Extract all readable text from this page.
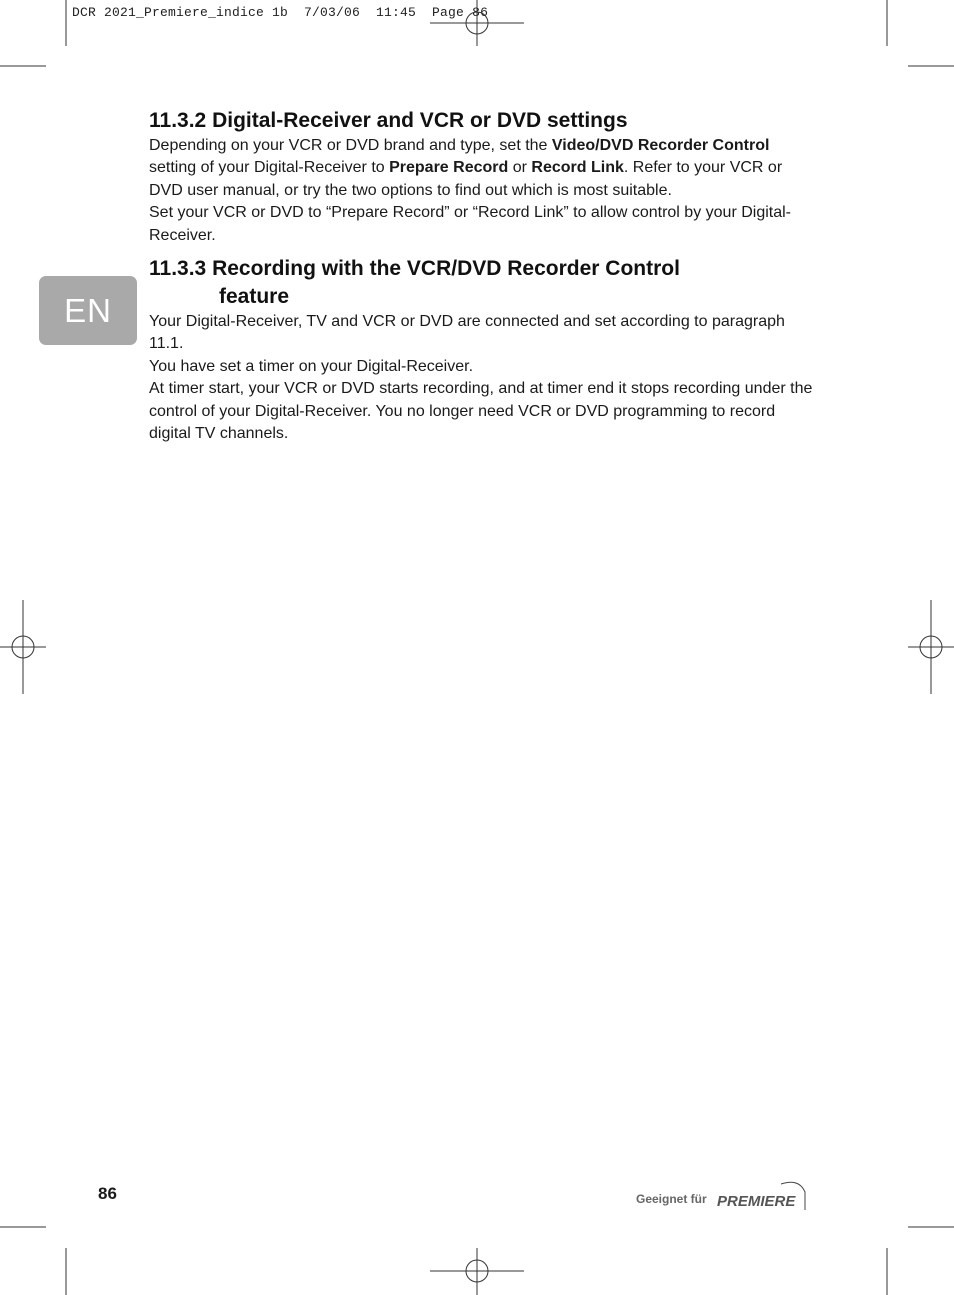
DCR 2021_Premiere_indice 1b  7/03/06  11:45  Page 86
EN
11.3.2 Digital-Receiver and VCR or DVD settings

Depending on your VCR or DVD brand and type, set the Video/DVD Recorder Control setting of your Digital-Receiver to Prepare Record or Record Link. Refer to your VCR or DVD user manual, or try the two options to find out which is most suitable.

Set your VCR or DVD to “Prepare Record” or “Record Link” to allow control by your Digital-Receiver.

11.3.3 Recording with the VCR/DVD Recorder Control
feature

Your Digital-Receiver, TV and VCR or DVD are connected and set according to paragraph 11.1.

You have set a timer on your Digital-Receiver.

At timer start, your VCR or DVD starts recording, and at timer end it stops recording under the control of your Digital-Receiver. You no longer need VCR or DVD programming to record digital TV channels.

86	Geeignet für PREMIERE
